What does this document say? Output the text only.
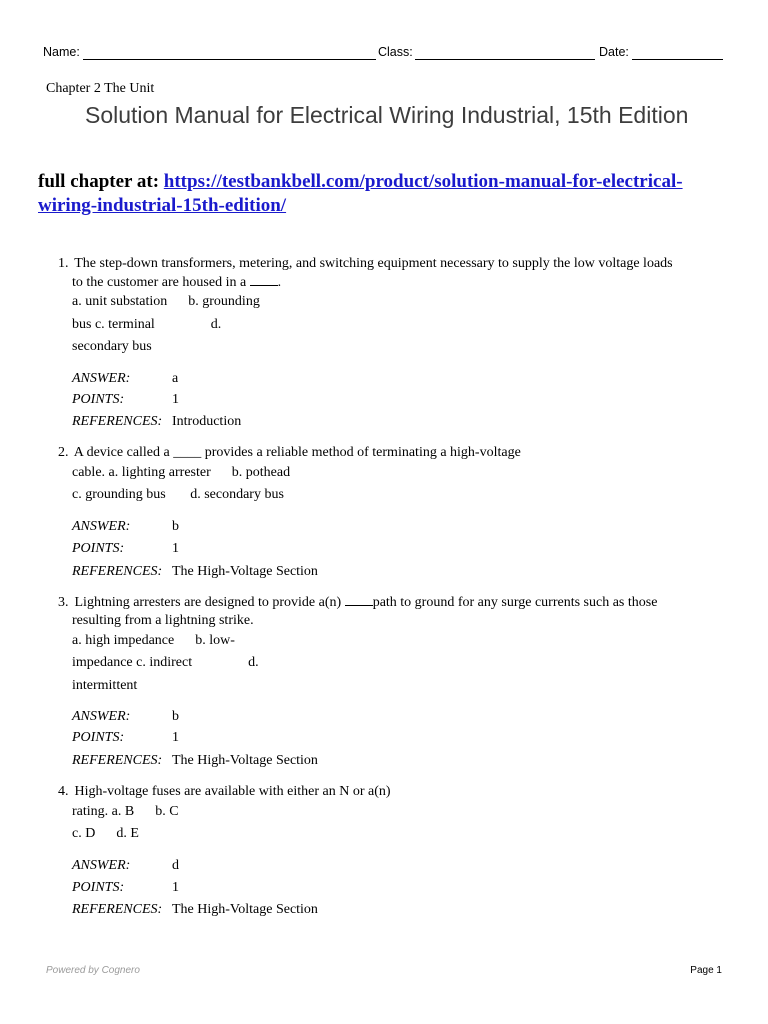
Name:	Class:	Date:
Chapter 2 The Unit
Solution Manual for Electrical Wiring Industrial, 15th Edition
full chapter at: https://testbankbell.com/product/solution-manual-for-electrical-wiring-industrial-15th-edition/
1. The step-down transformers, metering, and switching equipment necessary to supply the low voltage loads
to the customer are housed in a .
a. unit substation      b. grounding
bus c. terminal                d.
secondary bus
ANSWER:	a
POINTS:	1
REFERENCES: Introduction
2. A device called a ____ provides a reliable method of terminating a high-voltage
cable. a. lighting arrester      b. pothead
c. grounding bus       d. secondary bus
ANSWER:	b
POINTS:	1
REFERENCES: The High-Voltage Section
3. Lightning arresters are designed to provide a(n) path to ground for any surge currents such as those
resulting from a lightning strike.
a. high impedance      b. low-
impedance c. indirect                d.
intermittent
ANSWER:	b
POINTS:	1
REFERENCES: The High-Voltage Section
4. High-voltage fuses are available with either an N or a(n)
rating. a. B      b. C
c. D      d. E
ANSWER:	d
POINTS:	1
REFERENCES: The High-Voltage Section
Powered by Cognero	Page 1
